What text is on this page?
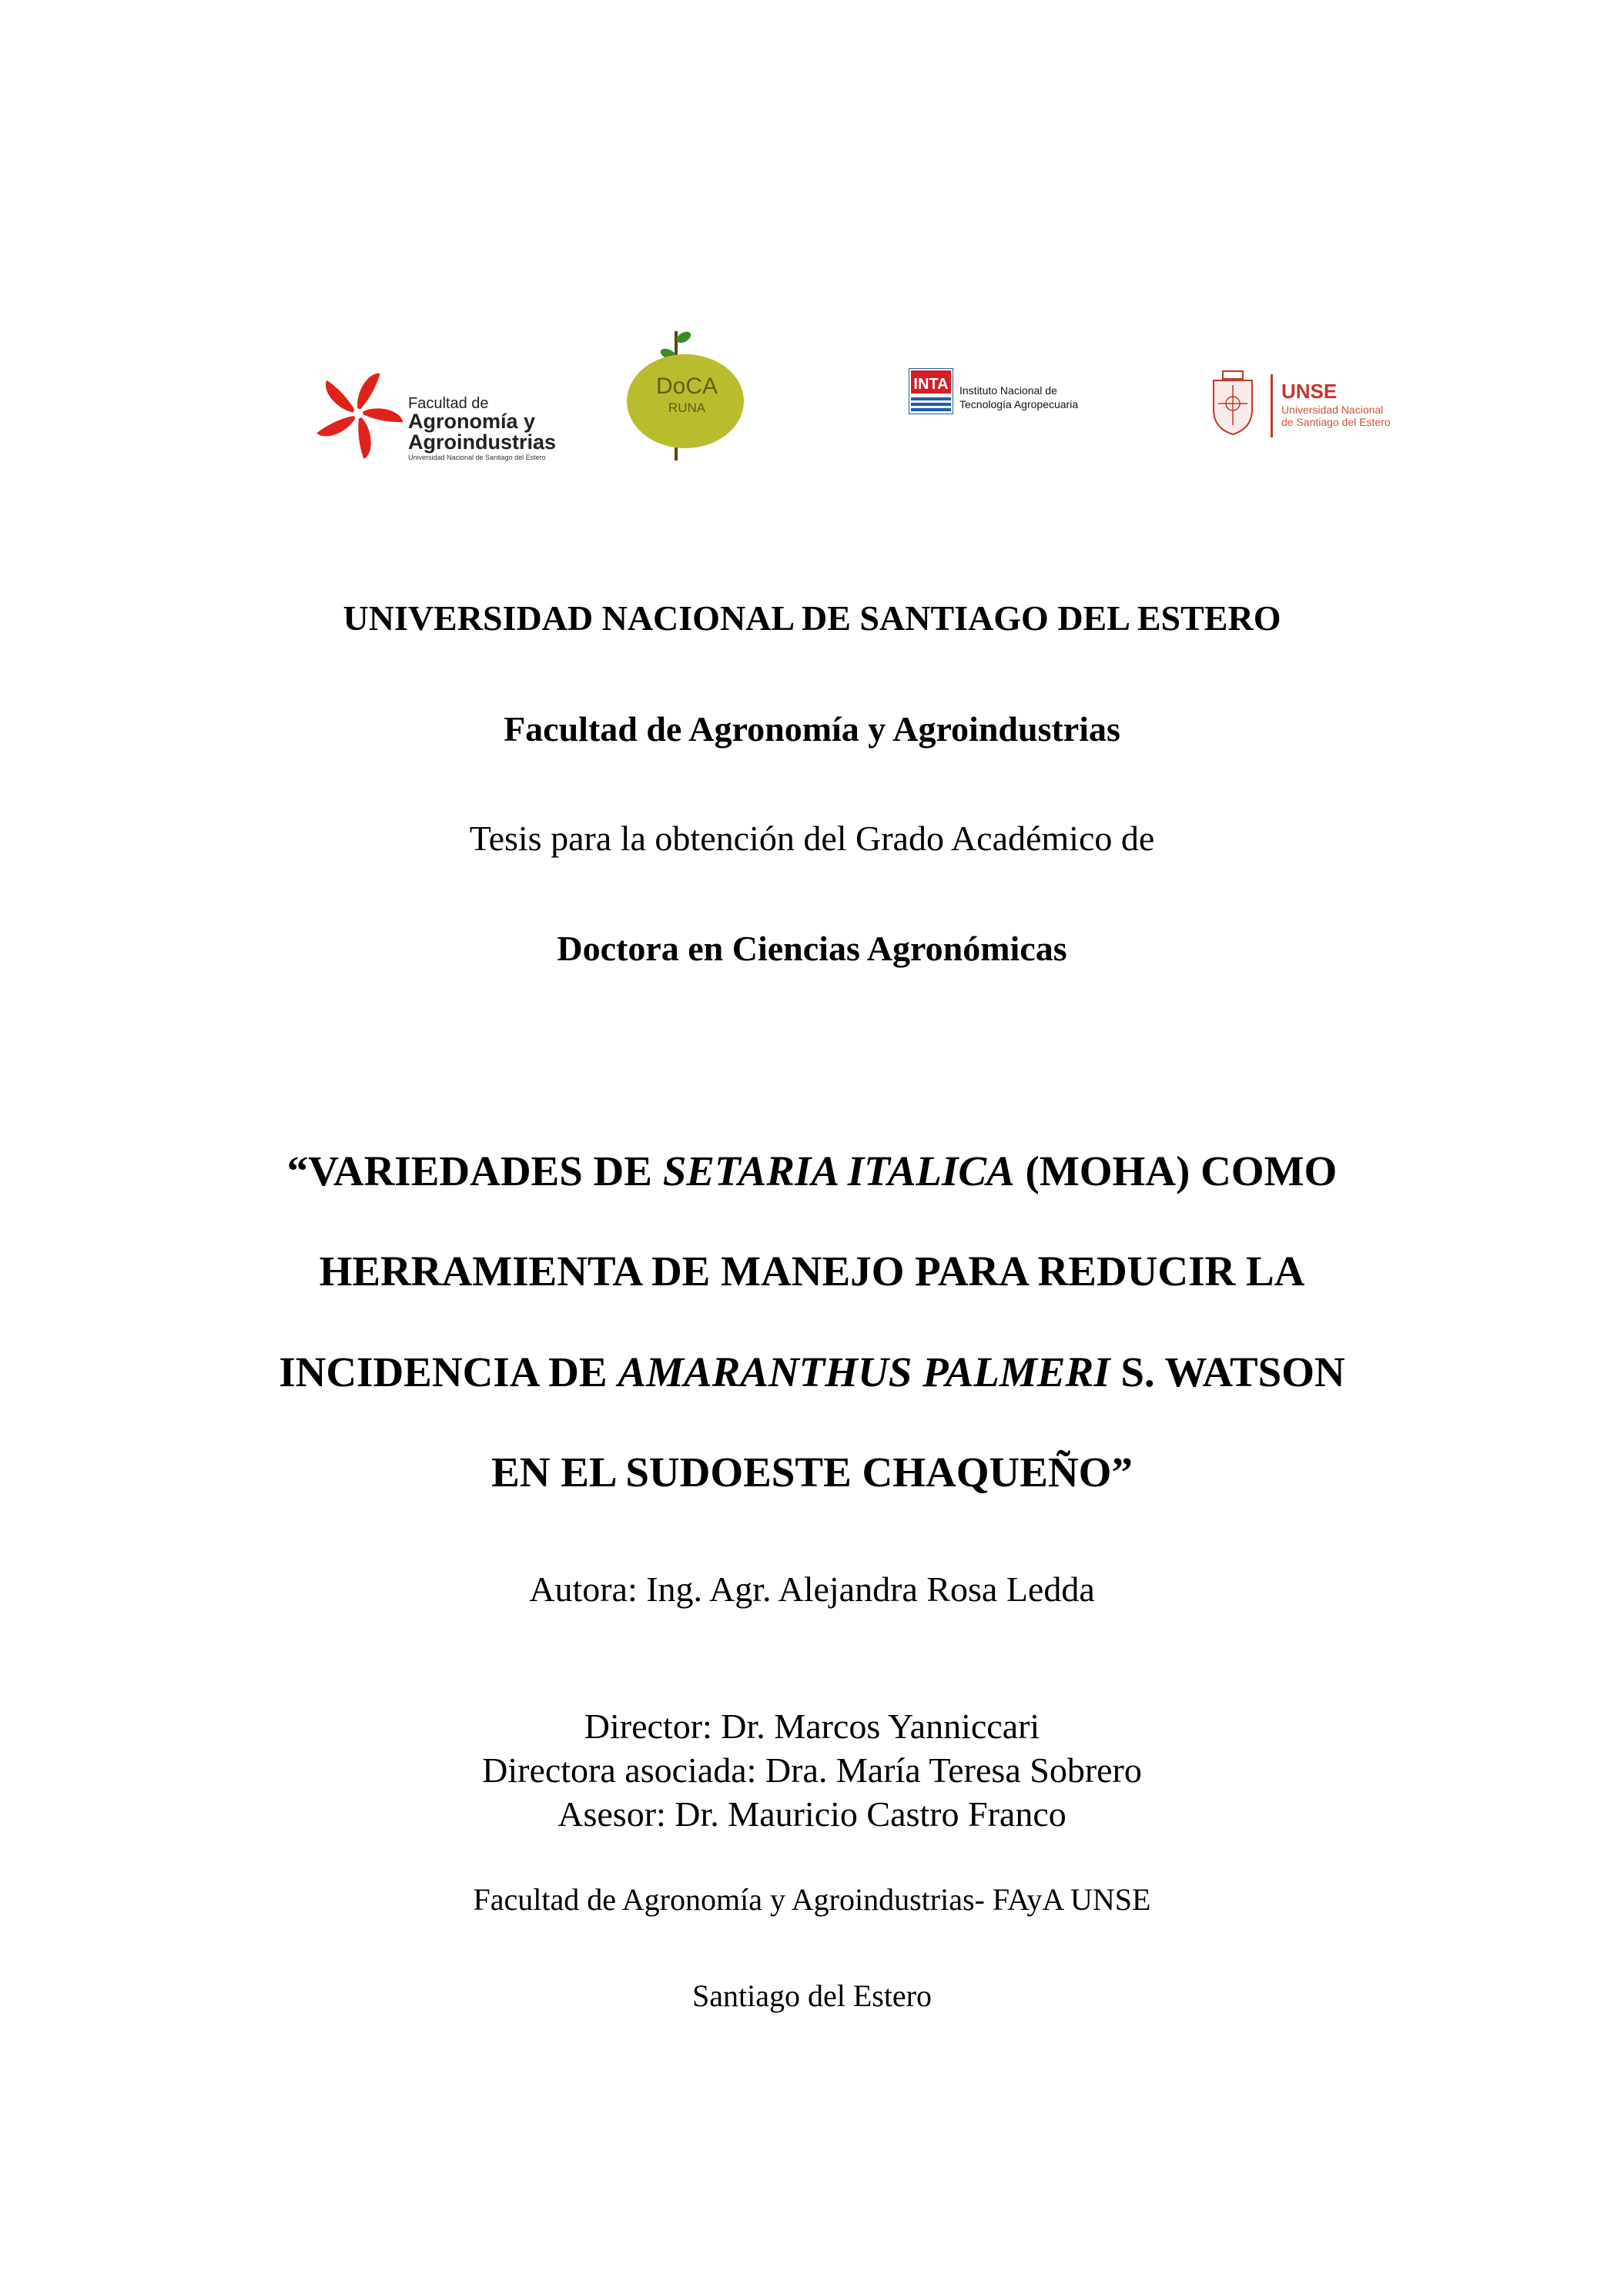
Facultad de
Agronomía y
Agroindustrias
Universidad Nacional de Santiago del Estero
DoCA
RUNA
INTA Instituto Nacional de
Tecnología Agropecuaria
UNSE
Universidad Nacional
de Santiago del Estero
UNIVERSIDAD NACIONAL DE SANTIAGO DEL ESTERO
Facultad de Agronomía y Agroindustrias
Tesis para la obtención del Grado Académico de
Doctora en Ciencias Agronómicas
“VARIEDADES DE SETARIA ITALICA (MOHA) COMO
HERRAMIENTA DE MANEJO PARA REDUCIR LA
INCIDENCIA DE AMARANTHUS PALMERI S. WATSON
EN EL SUDOESTE CHAQUEÑO”
Autora: Ing. Agr. Alejandra Rosa Ledda
Director: Dr. Marcos Yanniccari
Directora asociada: Dra. María Teresa Sobrero
Asesor: Dr. Mauricio Castro Franco
Facultad de Agronomía y Agroindustrias- FAyA UNSE
Santiago del Estero
